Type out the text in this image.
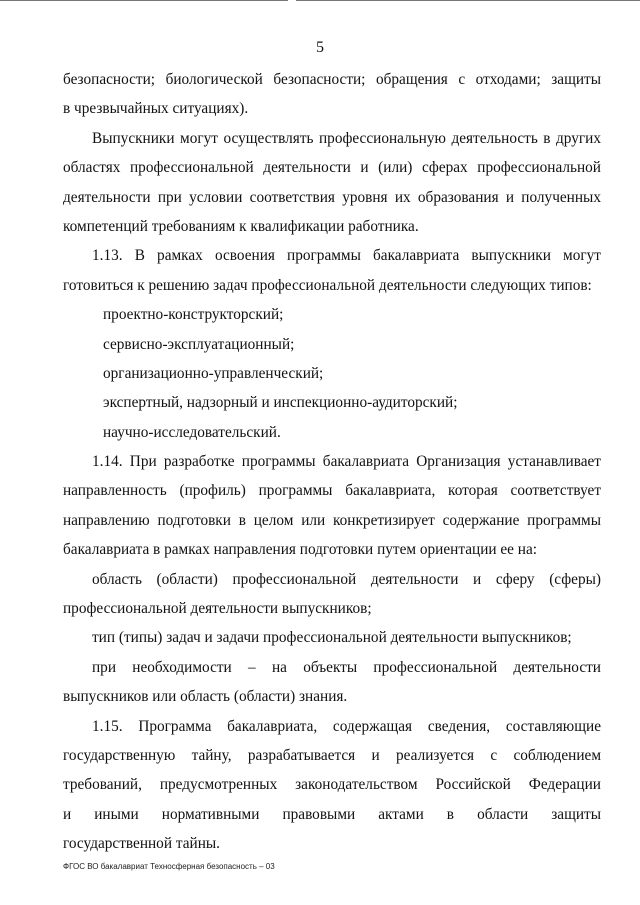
5
безопасности; биологической безопасности; обращения с отходами; защиты
в чрезвычайных ситуациях).
Выпускники могут осуществлять профессиональную деятельность в других
областях профессиональной деятельности и (или) сферах профессиональной
деятельности при условии соответствия уровня их образования и полученных
компетенций требованиям к квалификации работника.
1.13. В рамках освоения программы бакалавриата выпускники могут
готовиться к решению задач профессиональной деятельности следующих типов:
проектно-конструкторский;
сервисно-эксплуатационный;
организационно-управленческий;
экспертный, надзорный и инспекционно-аудиторский;
научно-исследовательский.
1.14. При разработке программы бакалавриата Организация устанавливает
направленность (профиль) программы бакалавриата, которая соответствует
направлению подготовки в целом или конкретизирует содержание программы
бакалавриата в рамках направления подготовки путем ориентации ее на:
область (области) профессиональной деятельности и сферу (сферы)
профессиональной деятельности выпускников;
тип (типы) задач и задачи профессиональной деятельности выпускников;
при необходимости – на объекты профессиональной деятельности
выпускников или область (области) знания.
1.15. Программа бакалавриата, содержащая сведения, составляющие
государственную тайну, разрабатывается и реализуется с соблюдением
требований, предусмотренных законодательством Российской Федерации
и иными нормативными правовыми актами в области защиты
государственной тайны.
ФГОС ВО бакалавриат Техносферная безопасность – 03
